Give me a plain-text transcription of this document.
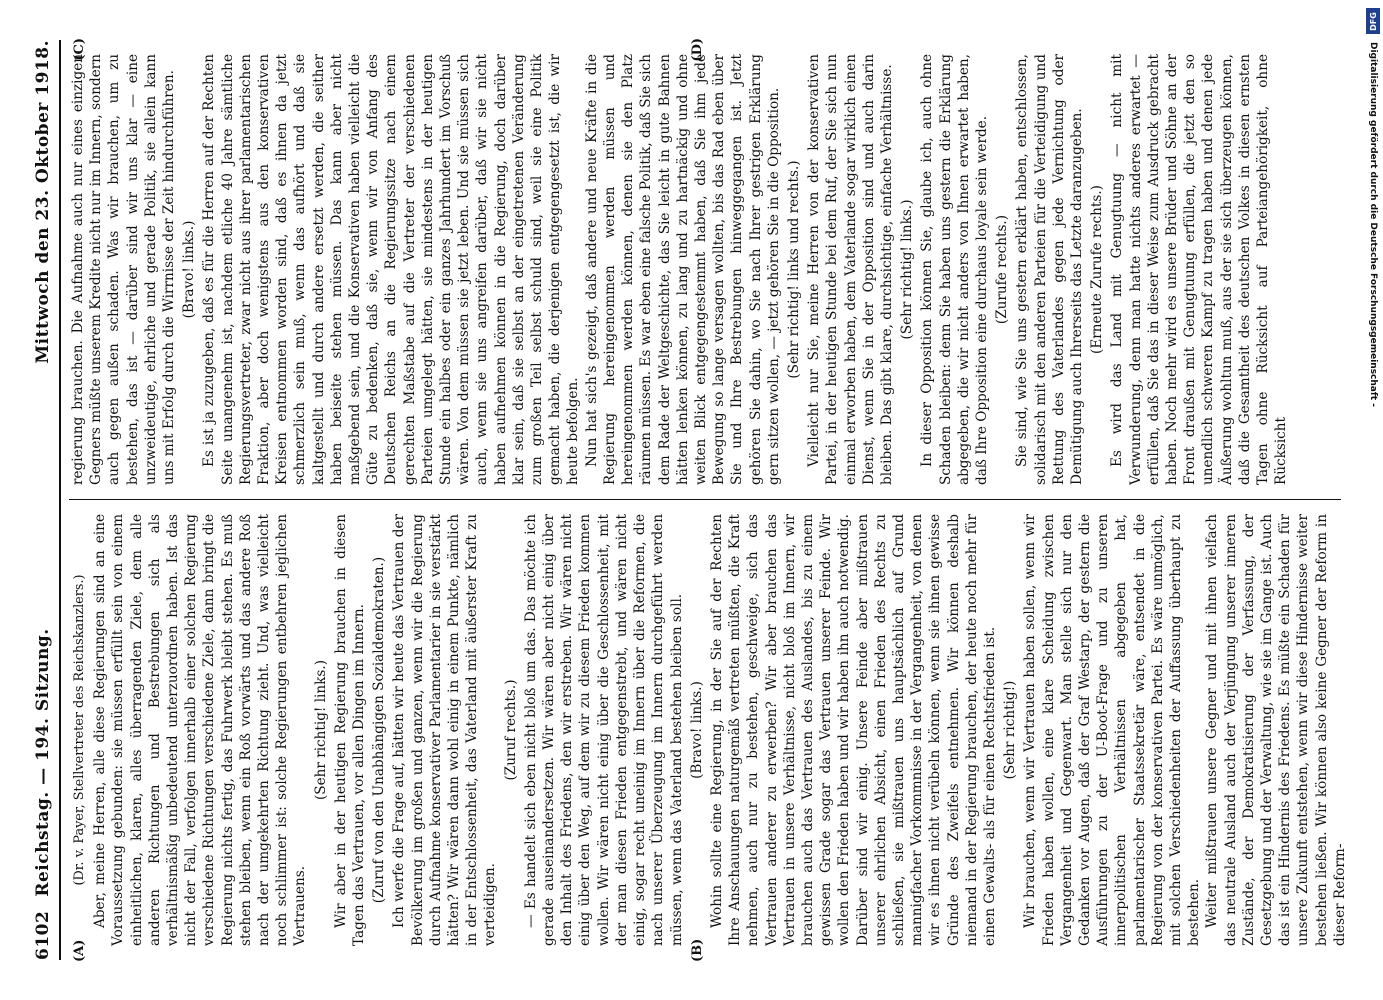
6102
Reichstag. — 194. Sitzung.
Mittwoch den 23. Oktober 1918.
(A)	(B)

(Dr. v. Payer, Stellvertreter des Reichskanzlers.) Aber, meine Herren, alle diese Regierungen sind an eine Voraussetzung gebunden: sie müssen erfüllt sein von einem einheitlichen, klaren, alles überragenden Ziele, dem alle anderen Richtungen und Bestrebungen sich als verhältnismäßig unbedeutend unterzuordnen haben. Ist das nicht der Fall, verfolgen innerhalb einer solchen Regierung verschiedene Richtungen verschiedene Ziele, dann bringt die Regierung nichts fertig, das Fuhrwerk bleibt stehen. Es muß stehen bleiben, wenn ein Roß vorwärts und das andere Roß nach der umgekehrten Richtung zieht. Und, was vielleicht noch schlimmer ist: solche Regierungen entbehren jeglichen Vertrauens.

(Sehr richtig! links.) Wir aber in der heutigen Regierung brauchen in diesen Tagen das Vertrauen, vor allen Dingen im Innern. (Zuruf von den Unabhängigen Sozialdemokraten.) Ich werfe die Frage auf, hätten wir heute das Vertrauen der Bevölkerung im großen und ganzen, wenn wir die Regierung durch Aufnahme konservativer Parlamentarier in sie verstärkt hätten? Wir wären dann wohl einig in einem Punkte, nämlich in der Entschlossenheit, das Vaterland mit äußerster Kraft zu verteidigen.

(Zuruf rechts.) — Es handelt sich eben nicht bloß um das. Das möchte ich gerade auseinandersetzen. Wir wären aber nicht einig über den Inhalt des Friedens, den wir erstreben. Wir wären nicht einig über den Weg, auf dem wir zu diesem Frieden kommen wollen. Wir wären nicht einig über die Geschlossenheit, mit der man diesen Frieden entgegenstrebt, und wären nicht einig, sogar recht uneinig im Innern über die Reformen, die nach unserer Überzeugung im Innern durchgeführt werden müssen, wenn das Vaterland bestehen bleiben soll. (Bravo! links.) Wohin sollte eine Regierung, in der Sie auf der Rechten Ihre Anschauungen naturgemäß vertreten müßten, die Kraft nehmen, auch nur zu bestehen, geschweige, sich das Vertrauen anderer zu erwerben? Wir aber brauchen das Vertrauen in unsere Verhältnisse, nicht bloß im Innern, wir brauchen auch das Vertrauen des Auslandes, bis zu einem gewissen Grade sogar das Vertrauen unserer Feinde. Wir wollen den Frieden haben und wir haben ihn auch notwendig. Darüber sind wir einig. Unsere Feinde aber mißtrauen unserer ehrlichen Absicht, einen Frieden des Rechts zu schließen, sie mißtrauen uns hauptsächlich auf Grund mannigfacher Vorkommnisse in der Vergangenheit, von denen wir es ihnen nicht verübeln können, wenn sie ihnen gewisse Gründe des Zweifels entnehmen. Wir können deshalb niemand in der Regierung brauchen, der heute noch mehr für einen Gewalts- als für einen Rechtsfrieden ist. (Sehr richtig!) Wir brauchen, wenn wir Vertrauen haben sollen, wenn wir Frieden haben wollen, eine klare Scheidung zwischen Vergangenheit und Gegenwart. Man stelle sich nur den Gedanken vor Augen, daß der Graf Westarp, der gestern die Ausführungen zu der U-Boot-Frage und zu unseren innerpolitischen Verhältnissen abgegeben hat, parlamentarischer Staatssekretär wäre, entsendet in die Regierung von der konservativen Partei. Es wäre unmöglich, mit solchen Verschiedenheiten der Auffassung überhaupt zu bestehen. Weiter mißtrauen unsere Gegner und mit ihnen vielfach das neutrale Ausland auch der Verjüngung unserer inneren Zustände, der Demokratisierung der Verfassung, der Gesetzgebung und der Verwaltung, wie sie im Gange ist. Auch das ist ein Hindernis des Friedens. Es müßte ein Schaden für unsere Zukunft entstehen, wenn wir diese Hindernisse weiter bestehen ließen. Wir können also keine Gegner der Reform in dieser Reform-

(C)	(D)

regierung brauchen. Die Aufnahme auch nur eines einzigen Gegners müßte unserem Kredite nicht nur im Innern, sondern auch gegen außen schaden. Was wir brauchen, um zu bestehen, das ist — darüber sind wir uns klar — eine unzweideutige, ehrliche und gerade Politik, sie allein kann uns mit Erfolg durch die Wirrnisse der Zeit hindurchführen. (Bravo! links.) Es ist ja zuzugeben, daß es für die Herren auf der Rechten Seite unangenehm ist, nachdem etliche 40 Jahre sämtliche Regierungsvertreter, zwar nicht aus ihrer parlamentarischen Fraktion, aber doch wenigstens aus den konservativen Kreisen entnommen worden sind, daß es ihnen da jetzt schmerzlich sein muß, wenn das aufhört und daß sie kaltgestellt und durch andere ersetzt werden, die seither haben beiseite stehen müssen. Das kann aber nicht maßgebend sein, und die Konservativen haben vielleicht die Güte zu bedenken, daß sie, wenn wir von Anfang des Deutschen Reichs an die Regierungssitze nach einem gerechten Maßstabe auf die Vertreter der verschiedenen Parteien umgelegt hätten, sie mindestens in der heutigen Stunde ein halbes oder ein ganzes Jahrhundert im Vorschuß wären. Von dem müssen sie jetzt leben. Und sie müssen sich auch, wenn sie uns angreifen darüber, daß wir sie nicht haben aufnehmen können in die Regierung, doch darüber klar sein, daß sie selbst an der eingetretenen Veränderung zum großen Teil selbst schuld sind, weil sie eine Politik gemacht haben, die derjenigen entgegengesetzt ist, die wir heute befolgen. Nun hat sich's gezeigt, daß andere und neue Kräfte in die Regierung hereingenommen werden müssen und hereingenommen werden können, denen sie den Platz räumen müssen. Es war eben eine falsche Politik, daß Sie sich dem Rade der Weltgeschichte, das Sie leicht in gute Bahnen hätten lenken können, zu lang und zu hartnäckig und ohne weiten Blick entgegengestemmt haben, daß Sie ihm jede Bewegung so lange versagen wollten, bis das Rad eben über Sie und Ihre Bestrebungen hinweggegangen ist. Jetzt gehören Sie dahin, wo Sie nach Ihrer gestrigen Erklärung gern sitzen wollen, — jetzt gehören Sie in die Opposition. (Sehr richtig! links und rechts.) Vielleicht nur Sie, meine Herren von der konservativen Partei, in der heutigen Stunde bei dem Ruf, der Sie sich nun einmal erworben haben, dem Vaterlande sogar wirklich einen Dienst, wenn Sie in der Opposition sind und auch darin bleiben. Das gibt klare, durchsichtige, einfache Verhältnisse. (Sehr richtig! links.) In dieser Opposition können Sie, glaube ich, auch ohne Schaden bleiben: denn Sie haben uns gestern die Erklärung abgegeben, die wir nicht anders von Ihnen erwartet haben, daß Ihre Opposition eine durchaus loyale sein werde. (Zurufe rechts.) Sie sind, wie Sie uns gestern erklärt haben, entschlossen, solidarisch mit den anderen Parteien für die Verteidigung und Rettung des Vaterlandes gegen jede Vernichtung oder Demütigung auch Ihrerseits das Letzte daranzugeben. (Erneute Zurufe rechts.) Es wird das Land mit Genugtuung — nicht mit Verwunderung, denn man hatte nichts anderes erwartet — erfüllen, daß Sie das in dieser Weise zum Ausdruck gebracht haben. Noch mehr wird es unsere Brüder und Söhne an der Front draußen mit Genugtuung erfüllen, die jetzt den so unendlich schweren Kampf zu tragen haben und denen jede Äußerung wohltun muß, aus der sie sich überzeugen können, daß die Gesamtheit des deutschen Volkes in diesen ernsten Tagen ohne Rücksicht auf Parteiangehörigkeit, ohne Rücksicht

DFG
Digitalisierung gefördert durch die Deutsche Forschungsgemeinschaft -
